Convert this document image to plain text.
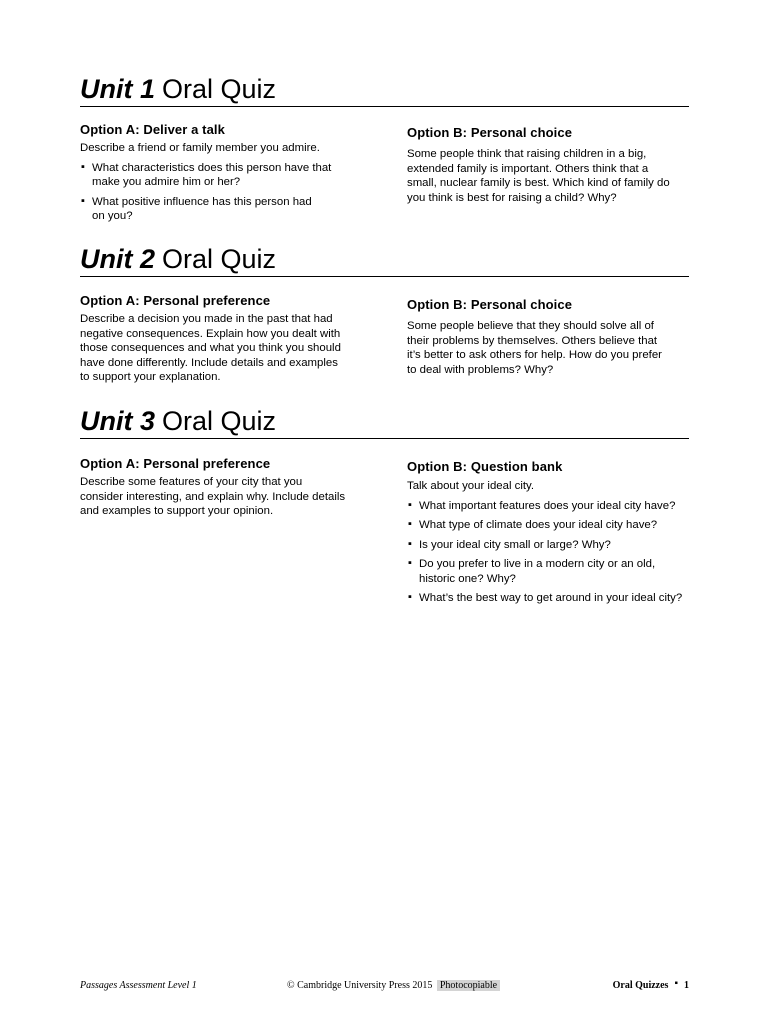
Unit 1 Oral Quiz
Option A: Deliver a talk

Describe a friend or family member you admire.

▪ What characteristics does this person have that
make you admire him or her?
▪ What positive influence has this person had
on you?
Option B: Personal choice

Some people think that raising children in a big,
extended family is important. Others think that a
small, nuclear family is best. Which kind of family do
you think is best for raising a child? Why?

Unit 2 Oral Quiz
Option A: Personal preference

Describe a decision you made in the past that had
negative consequences. Explain how you dealt with
those consequences and what you think you should
have done differently. Include details and examples
to support your explanation.

Option B: Personal choice

Some people believe that they should solve all of
their problems by themselves. Others believe that
it’s better to ask others for help. How do you prefer
to deal with problems? Why?

Unit 3 Oral Quiz
Option A: Personal preference

Describe some features of your city that you
consider interesting, and explain why. Include details
and examples to support your opinion.

Option B: Question bank

Talk about your ideal city.

▪ What important features does your ideal city have?
▪ What type of climate does your ideal city have?
▪ Is your ideal city small or large? Why?
▪ Do you prefer to live in a modern city or an old,
historic one? Why?
▪ What’s the best way to get around in your ideal city?
Passages Assessment Level 1	© Cambridge University Press 2015 Photocopiable	Oral Quizzes ▪ 1
